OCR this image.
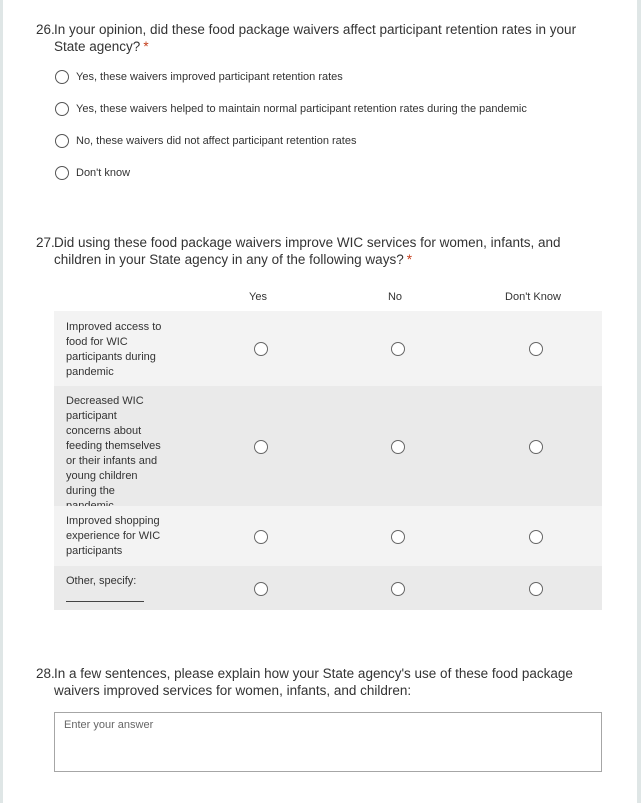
26. In your opinion, did these food package waivers affect participant retention rates in your State agency? *
Yes, these waivers improved participant retention rates
Yes, these waivers helped to maintain normal participant retention rates during the pandemic
No, these waivers did not affect participant retention rates
Don't know
27. Did using these food package waivers improve WIC services for women, infants, and children in your State agency in any of the following ways? *
Yes	No	Don't Know
Improved access to food for WIC participants during pandemic
Decreased WIC participant concerns about feeding themselves or their infants and young children during the
Improved shopping experience for WIC participants
Other, specify:
28. In a few sentences, please explain how your State agency's use of these food package waivers improved services for women, infants, and children:
Enter your answer
